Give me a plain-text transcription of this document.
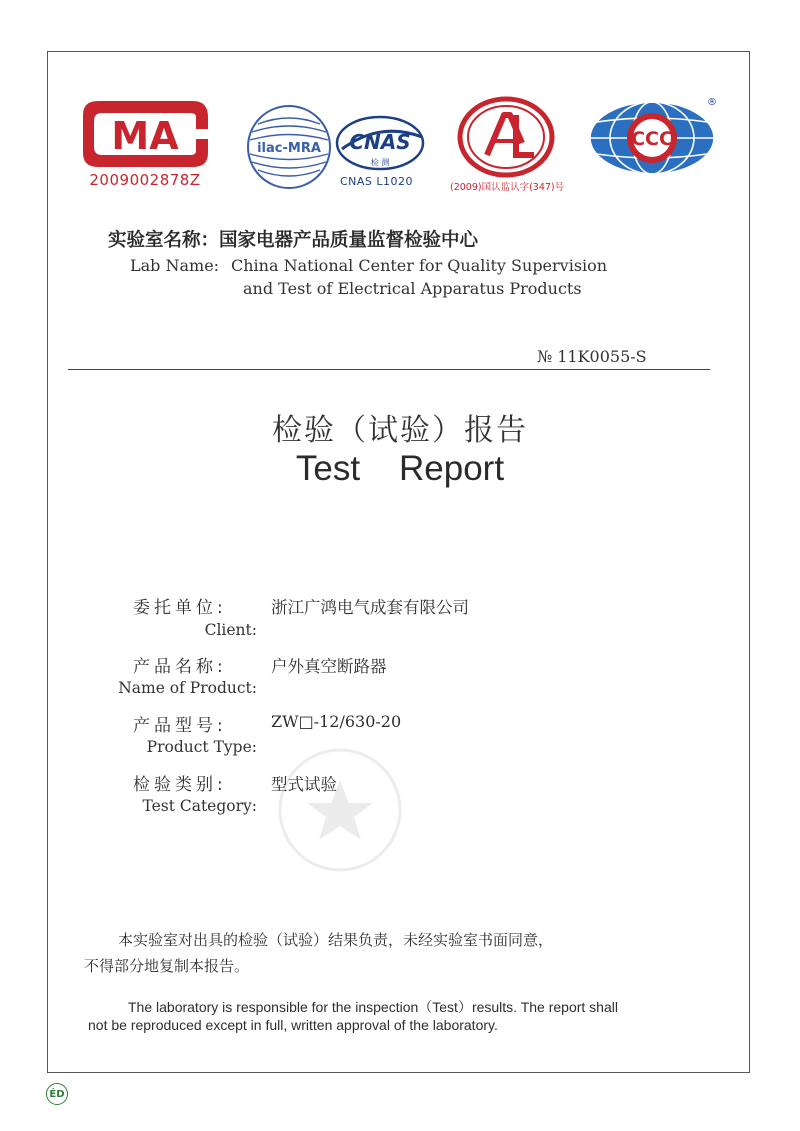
MA
2009002878Z
ilac-MRA CNAS
检 测
CNAS L1020	(2009)国认监认字(347)号
CCC
®
实验室名称：国家电器产品质量监督检验中心
Lab Name: China National Center for Quality Supervision
and Test of Electrical Apparatus Products
№ 11K0055-S
检验（试验）报告
Test    Report
委托单位:	浙江广鸿电气成套有限公司
Client:
产品名称:	户外真空断路器
Name of Product:
产品型号:	ZW□-12/630-20
Product Type:
检验类别:	型式试验
Test Category:
本实验室对出具的检验（试验）结果负责，未经实验室书面同意，
不得部分地复制本报告。
The laboratory is responsible for the inspection（Test）results. The report shall
not be reproduced except in full, written approval of the laboratory.
ÉD
